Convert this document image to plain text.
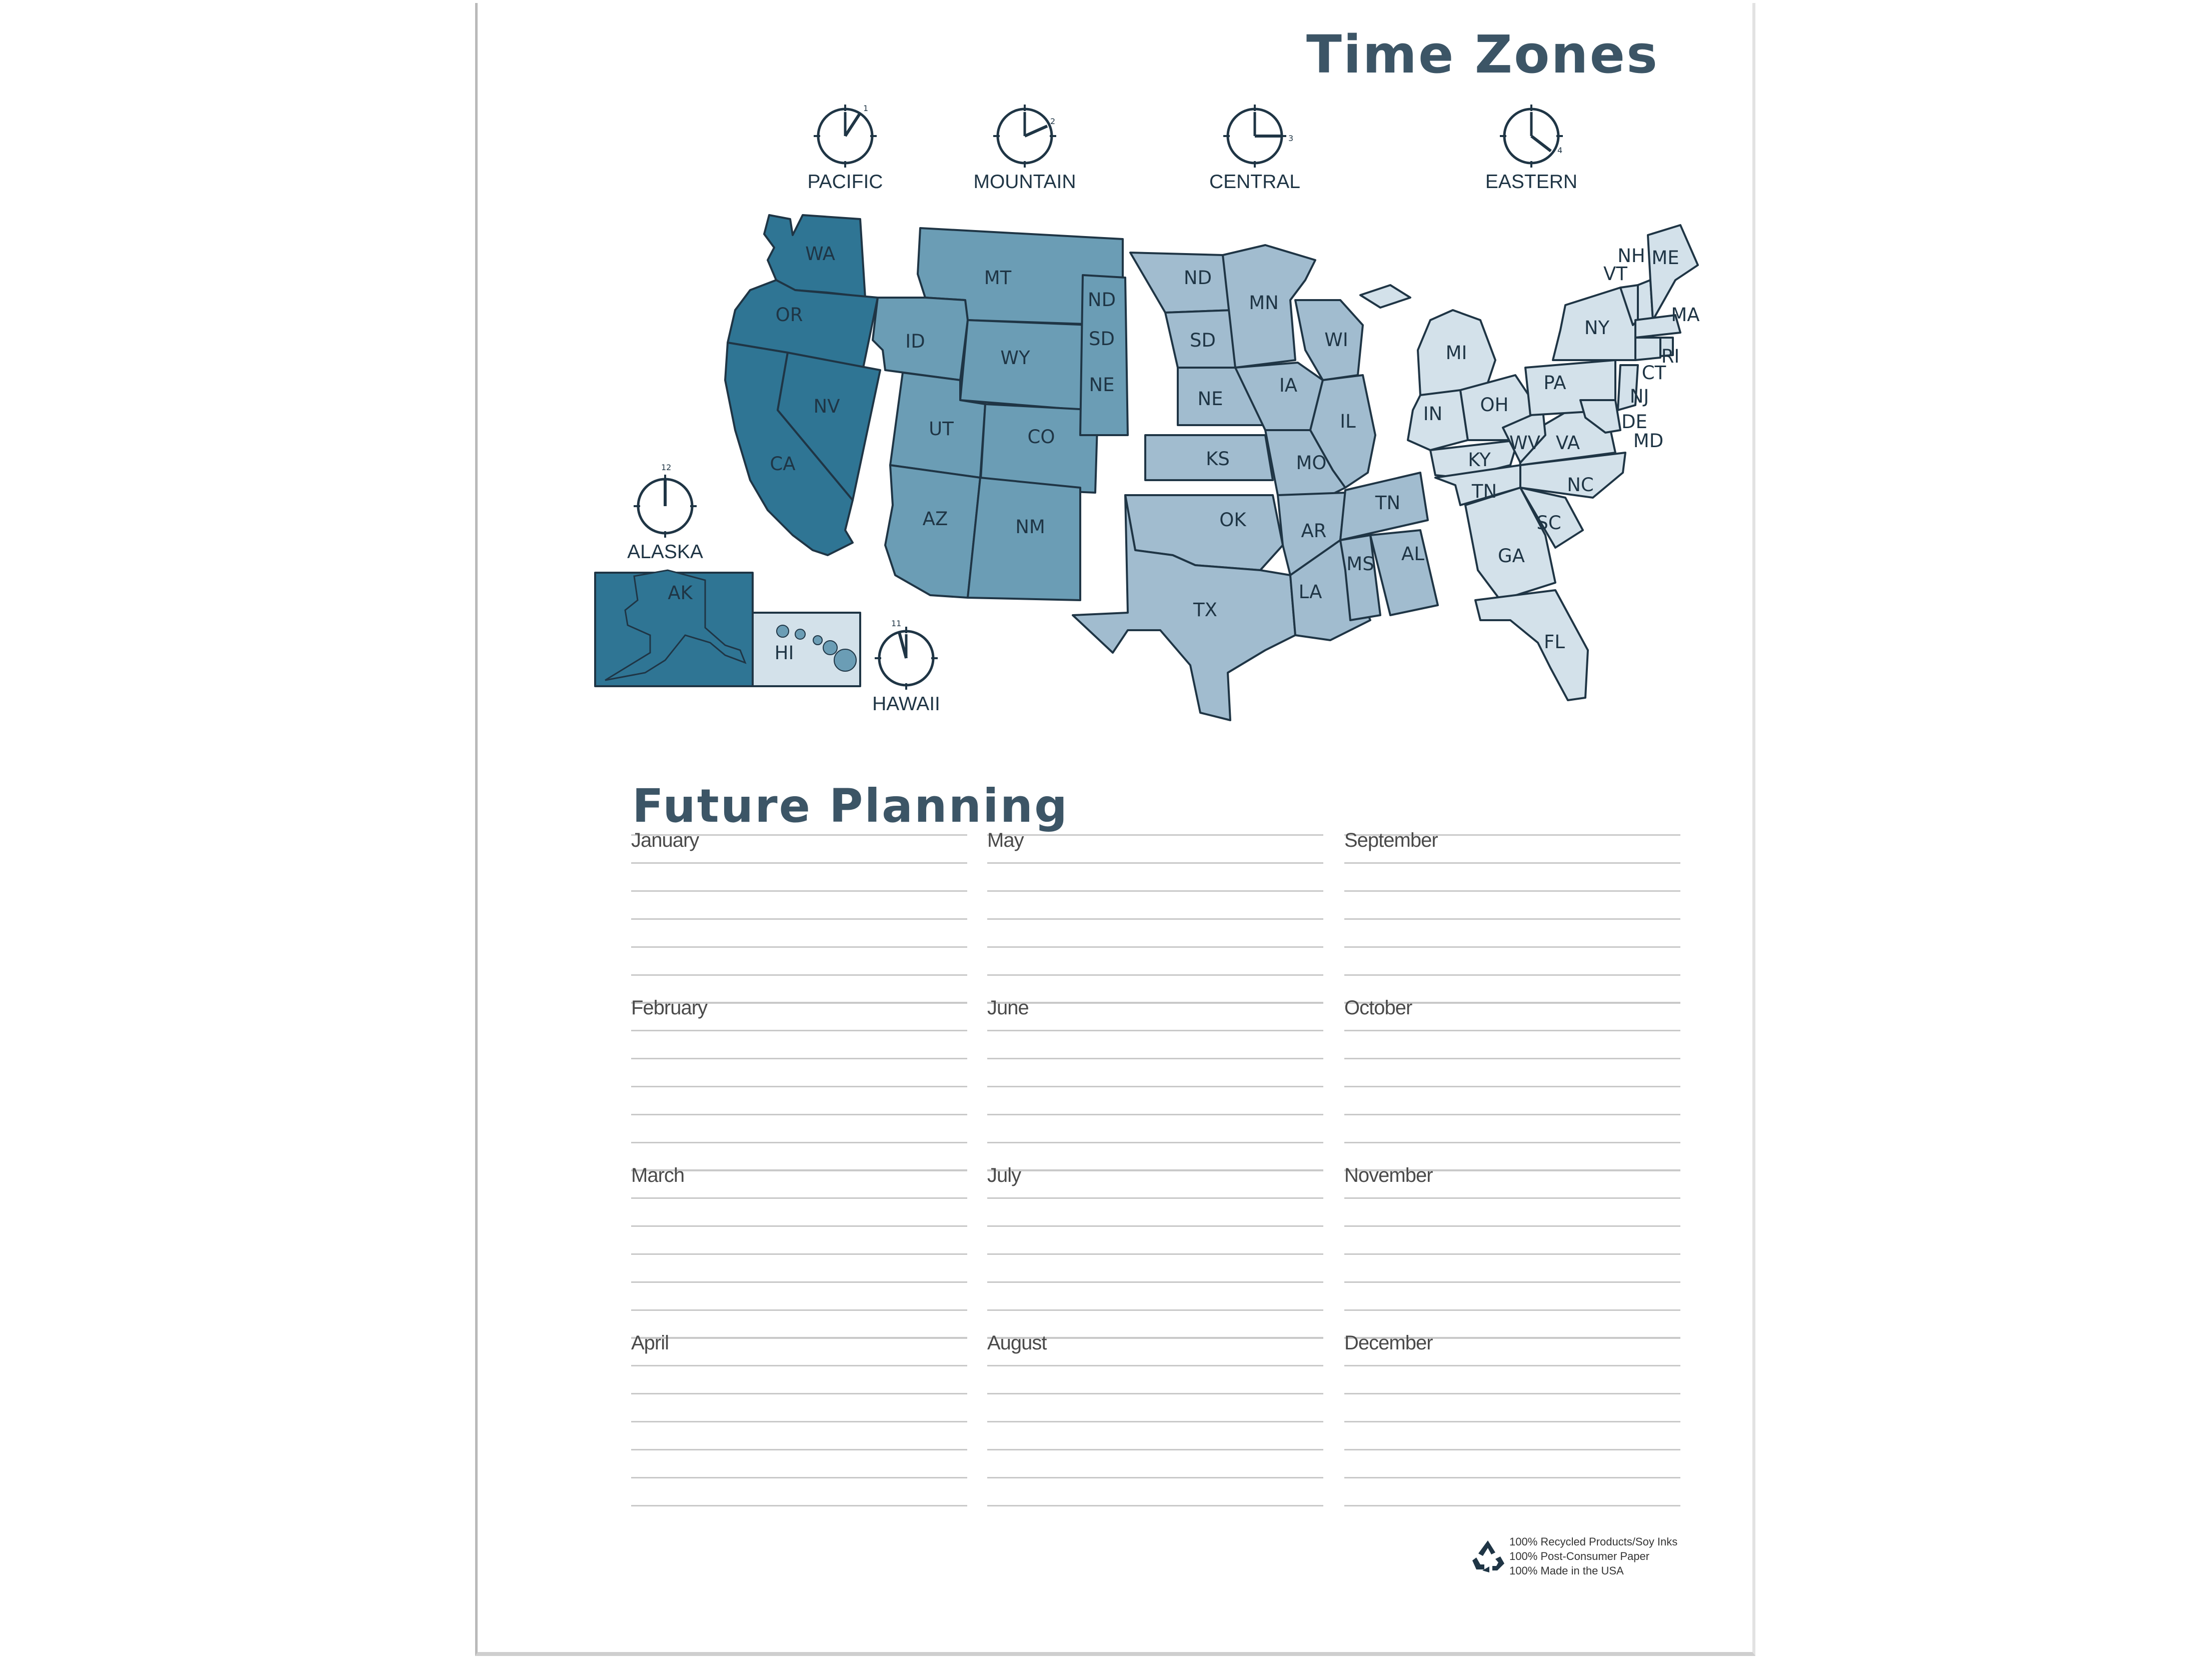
Time Zones
1
2
3
4
12
11
PACIFIC	MOUNTAIN	CENTRAL	EASTERN
ALASKA
HAWAII
WA
OR
CA
NV
MT
ID
WY
UT	CO
AZ	NM
ND
SD
NE
ND
SD
NE
KS
OK
TX
MN
IA
MO
AR
LA
WI
IL
MS AL
TN
MI
IN OH
KY
TN
GA
FL
SC
NC
VA
WV
PA
NY
VT
NH ME
MA
RI
CT
NJ
DE
MD
AK
HI
Future Planning
January
February
March
April
May
June
July
August
September
October
November
December
100% Recycled Products/Soy Inks
100% Post-Consumer Paper
100% Made in the USA
